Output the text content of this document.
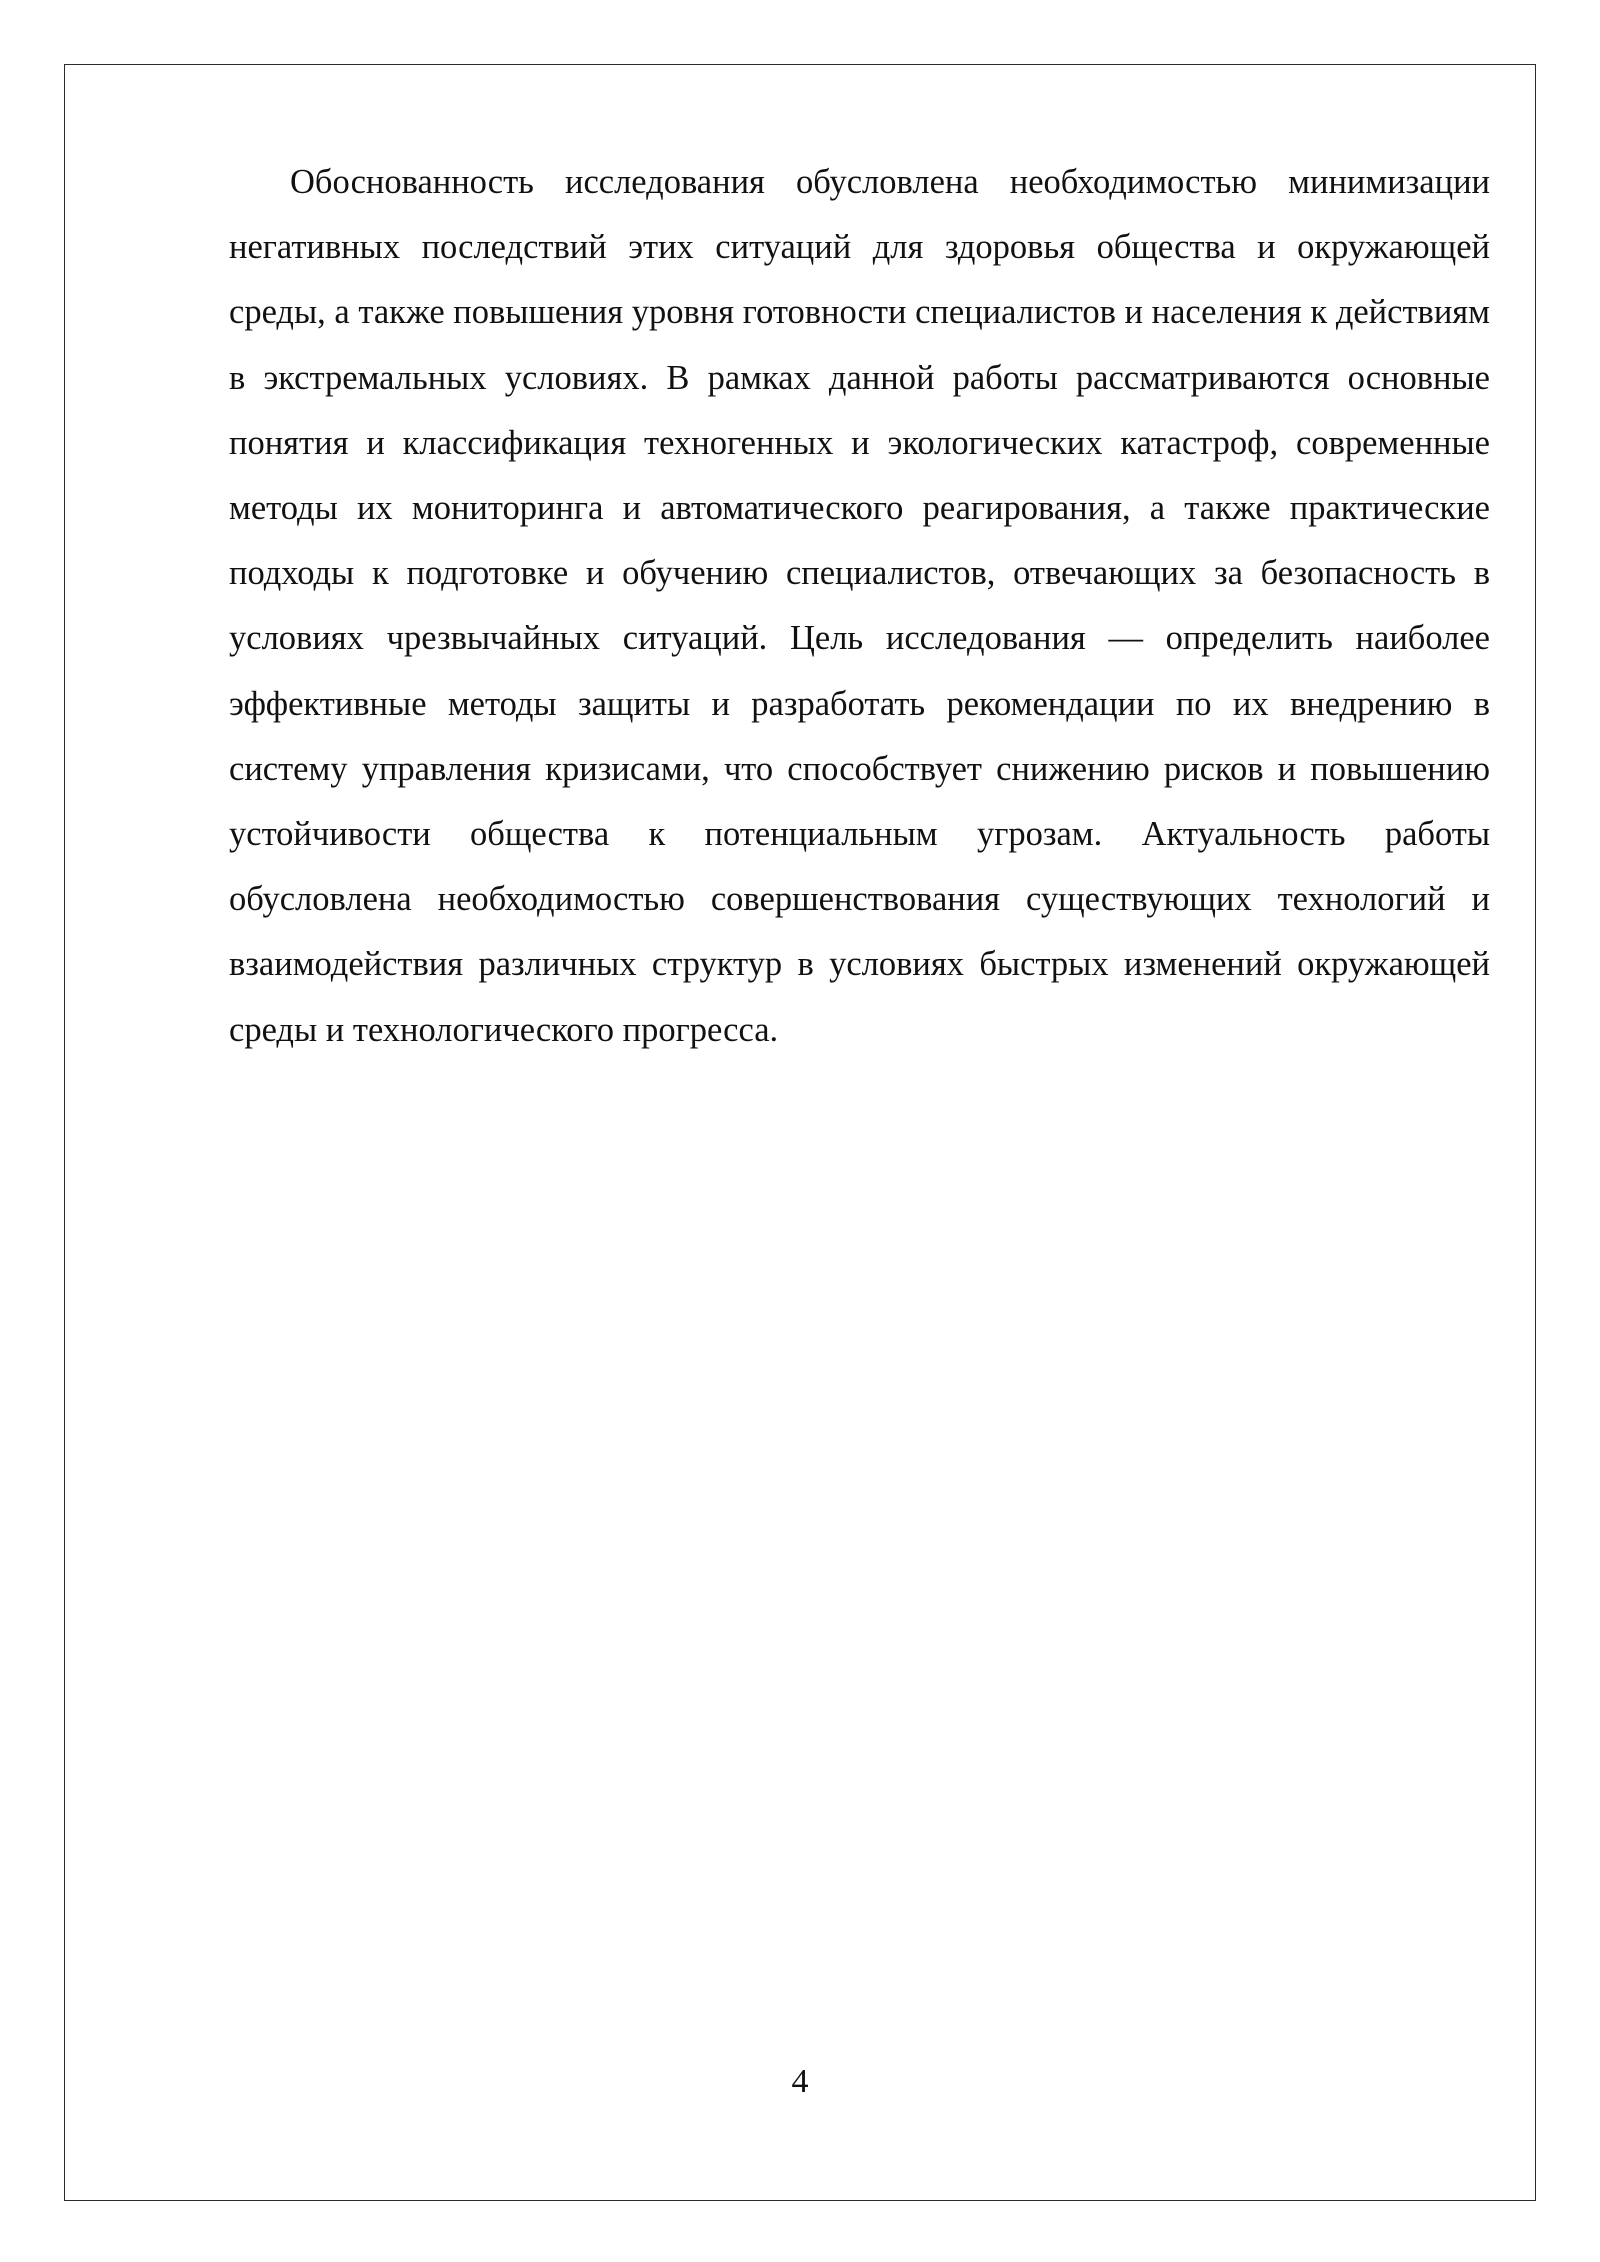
Обоснованность исследования обусловлена необходимостью минимизации негативных последствий этих ситуаций для здоровья общества и окружающей среды, а также повышения уровня готовности специалистов и населения к действиям в экстремальных условиях. В рамках данной работы рассматриваются основные понятия и классификация техногенных и экологических катастроф, современные методы их мониторинга и автоматического реагирования, а также практические подходы к подготовке и обучению специалистов, отвечающих за безопасность в условиях чрезвычайных ситуаций. Цель исследования — определить наиболее эффективные методы защиты и разработать рекомендации по их внедрению в систему управления кризисами, что способствует снижению рисков и повышению устойчивости общества к потенциальным угрозам. Актуальность работы обусловлена необходимостью совершенствования существующих технологий и взаимодействия различных структур в условиях быстрых изменений окружающей среды и технологического прогресса.

4
